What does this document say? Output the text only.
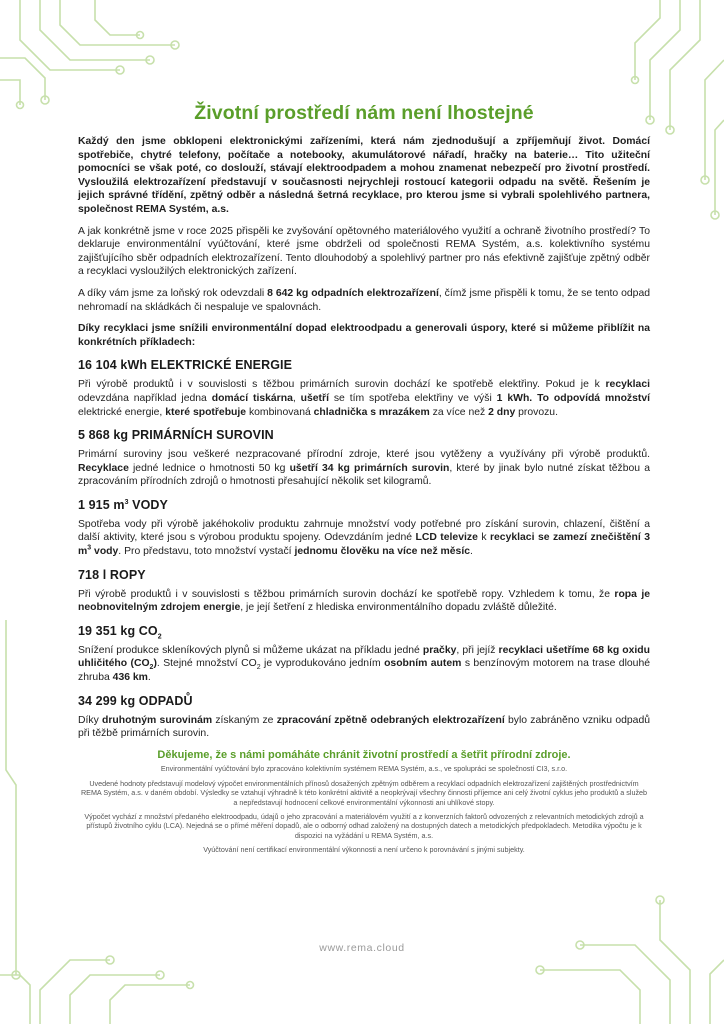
Životní prostředí nám není lhostejné

Každý den jsme obklopeni elektronickými zařízeními, která nám zjednodušují a zpříjemňují život. Domácí spotřebiče, chytré telefony, počítače a notebooky, akumulátorové nářadí, hračky na baterie… Tito užiteční pomocníci se však poté, co doslouží, stávají elektroodpadem a mohou znamenat nebezpečí pro životní prostředí. Vysloužilá elektrozařízení představují v současnosti nejrychleji rostoucí kategorii odpadu na světě. Řešením je jejich správné třídění, zpětný odběr a následná šetrná recyklace, pro kterou jsme si vybrali spolehlivého partnera, společnost REMA Systém, a.s.

A jak konkrétně jsme v roce 2025 přispěli ke zvyšování opětovného materiálového využití a ochraně životního prostředí? To deklaruje environmentální vyúčtování, které jsme obdrželi od společnosti REMA Systém, a.s. kolektivního systému zajišťujícího sběr odpadních elektrozařízení. Tento dlouhodobý a spolehlivý partner pro nás efektivně zajišťuje zpětný odběr a recyklaci vysloužilých elektronických zařízení.

A díky vám jsme za loňský rok odevzdali 8 642 kg odpadních elektrozařízení, čímž jsme přispěli k tomu, že se tento odpad nehromadí na skládkách či nespaluje ve spalovnách.

Díky recyklaci jsme snížili environmentální dopad elektroodpadu a generovali úspory, které si můžeme přiblížit na konkrétních příkladech:

16 104 kWh ELEKTRICKÉ ENERGIE

Při výrobě produktů i v souvislosti s těžbou primárních surovin dochází ke spotřebě elektřiny. Pokud je k recyklaci odevzdána například jedna domácí tiskárna, ušetří se tím spotřeba elektřiny ve výši 1 kWh. To odpovídá množství elektrické energie, které spotřebuje kombinovaná chladnička s mrazákem za více než 2 dny provozu.

5 868 kg PRIMÁRNÍCH SUROVIN

Primární suroviny jsou veškeré nezpracované přírodní zdroje, které jsou vytěženy a využívány při výrobě produktů. Recyklace jedné lednice o hmotnosti 50 kg ušetří 34 kg primárních surovin, které by jinak bylo nutné získat těžbou a zpracováním přírodních zdrojů o hmotnosti přesahující několik set kilogramů.

1 915 $m^3$ VODY

Spotřeba vody při výrobě jakéhokoliv produktu zahrnuje množství vody potřebné pro získání surovin, chlazení, čištění a další aktivity, které jsou s výrobou produktu spojeny. Odevzdáním jedné LCD televize k recyklaci se zamezí znečištění 3 $m^3$ vody. Pro představu, toto množství vystačí jednomu člověku na více než měsíc.

718 l ROPY

Při výrobě produktů i v souvislosti s těžbou primárních surovin dochází ke spotřebě ropy. Vzhledem k tomu, že ropa je neobnovitelným zdrojem energie, je její šetření z hlediska environmentálního dopadu zvláště důležité.

19 351 kg $CO_2$

Snížení produkce skleníkových plynů si můžeme ukázat na příkladu jedné pračky, při jejíž recyklaci ušetříme 68 kg oxidu uhličitého $(CO_2)$. Stejné množství $CO_2$ je vyprodukováno jedním osobním autem s benzínovým motorem na trase dlouhé zhruba 436 km.

34 299 kg ODPADŮ

Díky druhotným surovinám získaným ze zpracování zpětně odebraných elektrozařízení bylo zabráněno vzniku odpadů při těžbě primárních surovin.

Děkujeme, že s námi pomáháte chránit životní prostředí a šetřit přírodní zdroje.

Environmentální vyúčtování bylo zpracováno kolektivním systémem REMA Systém, a.s., ve spolupráci se společností CI3, s.r.o.

Uvedené hodnoty představují modelový výpočet environmentálních přínosů dosažených zpětným odběrem a recyklací odpadních elektrozařízení zajištěných prostřednictvím REMA Systém, a.s. v daném období. Výsledky se vztahují výhradně k této konkrétní aktivitě a neopkrývají všechny činnosti příjemce ani celý životní cyklus jeho produktů a služeb a nepředstavují hodnocení celkové environmentální výkonnosti ani uhlíkové stopy.

Výpočet vychází z množství předaného elektroodpadu, údajů o jeho zpracování a materiálovém využití a z konverzních faktorů odvozených z relevantních metodických zdrojů a přístupů životního cyklu (LCA). Nejedná se o přímé měření dopadů, ale o odborný odhad založený na dostupných datech a metodických předpokladech. Metodika výpočtu je k dispozici na vyžádání u REMA Systém, a.s.

Vyúčtování není certifikací environmentální výkonnosti a není určeno k porovnávání s jinými subjekty.

www.rema.cloud
